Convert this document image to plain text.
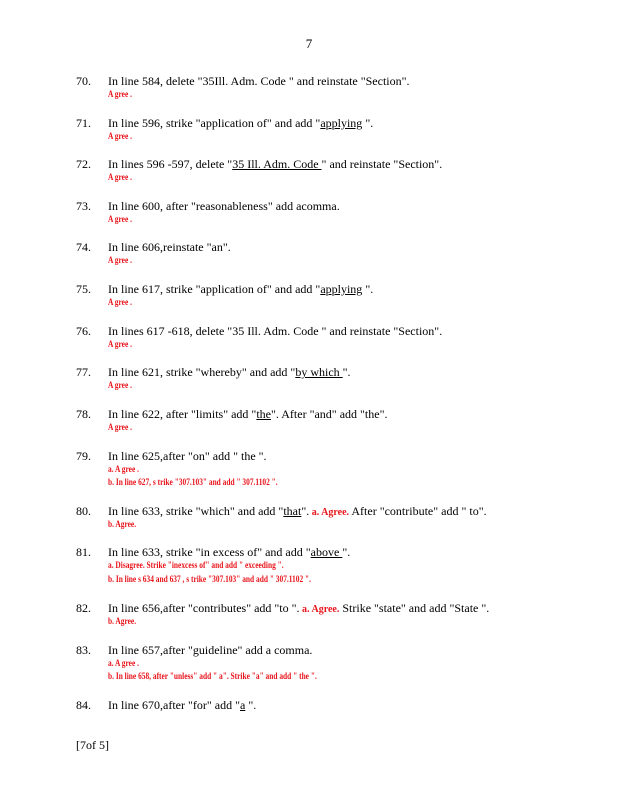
7
70. In line 584, delete "35Ill. Adm. Code " and reinstate "Section".
A gree .
71. In line 596, strike "application of" and add "applying ".
A gree .
72. In lines 596 -597, delete "35 Ill. Adm. Code " and reinstate "Section".
A gree .
73. In line 600, after "reasonableness" add acomma.
A gree .
74. In line 606,reinstate "an".
A gree .
75. In line 617, strike "application of" and add "applying ".
A gree .
76. In lines 617 -618, delete "35 Ill. Adm. Code " and reinstate "Section".
A gree .
77. In line 621, strike "whereby" and add "by which ".
A gree .
78. In line 622, after "limits" add "the". After "and" add "the".
A gree .
79. In line 625,after "on" add " the ".
a. A gree .
b. In line 627, s trike "307.103" and add " 307.1102 ".
80. In line 633, strike "which" and add "that". a. Agree. After "contribute" add " to".
b. Agree.
81. In line 633, strike "in excess of" and add "above ".
a. Disagree. Strike "inexcess of" and add " exceeding ".
b. In line s 634 and 637 , s trike "307.103" and add " 307.1102 ".
82. In line 656,after "contributes" add "to ". a. Agree. Strike "state" and add "State ".
b. Agree.
83. In line 657,after "guideline" add a comma.
a. A gree .
b. In line 658, after "unless" add " a". Strike "a" and add " the ".
84. In line 670,after "for" add "a ".
[7of 5]
